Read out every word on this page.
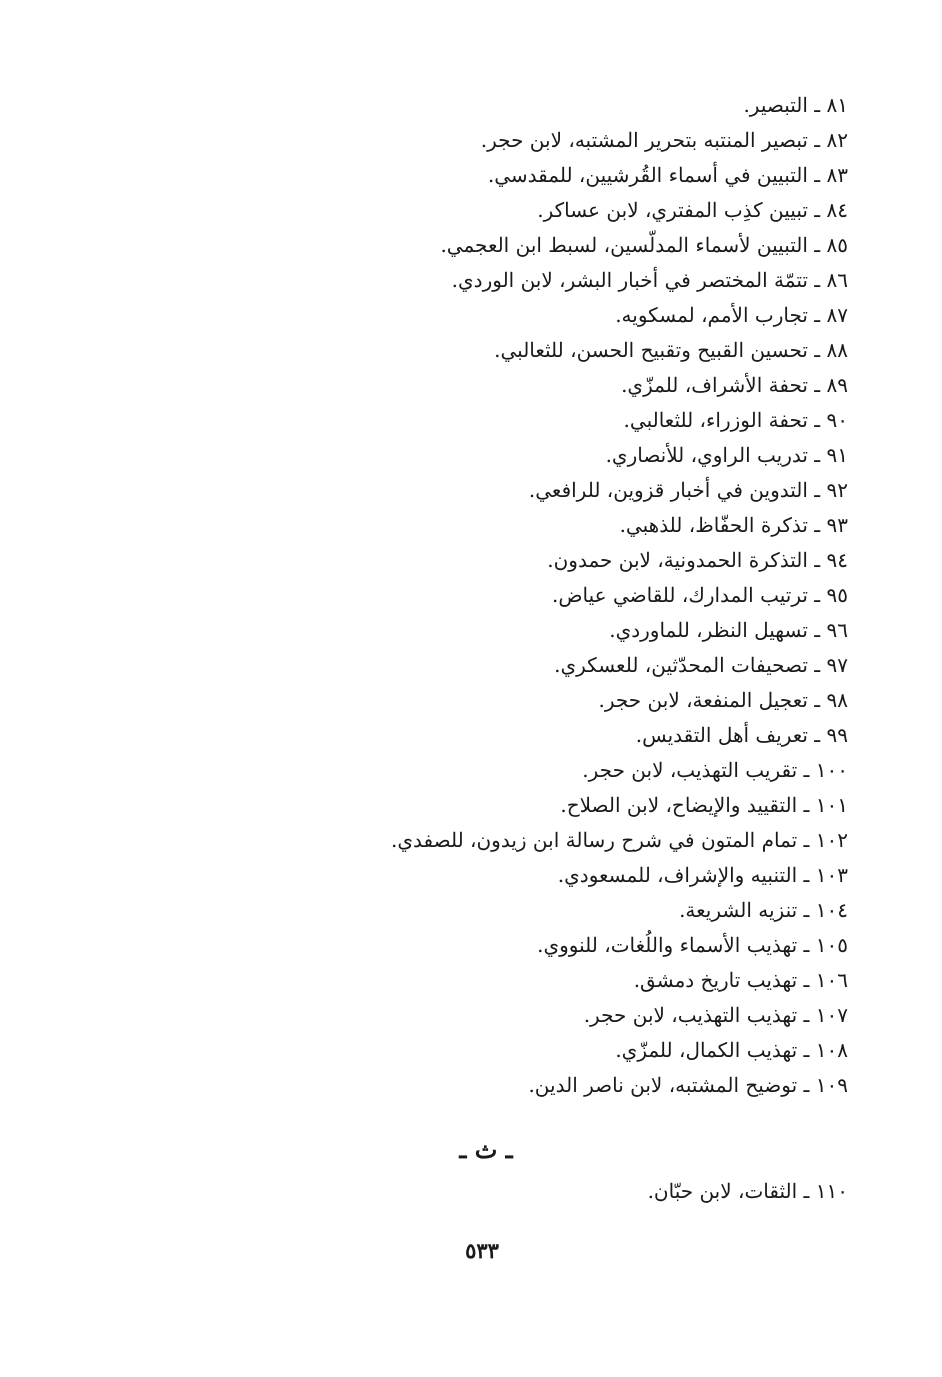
٨١ ـ التبصير.
٨٢ ـ تبصير المنتبه بتحرير المشتبه، لابن حجر.
٨٣ ـ التبيين في أسماء القُرشيين، للمقدسي.
٨٤ ـ تبيين كذِب المفتري، لابن عساكر.
٨٥ ـ التبيين لأسماء المدلّسين، لسبط ابن العجمي.
٨٦ ـ تتمّة المختصر في أخبار البشر، لابن الوردي.
٨٧ ـ تجارب الأمم، لمسكويه.
٨٨ ـ تحسين القبيح وتقبيح الحسن، للثعالبي.
٨٩ ـ تحفة الأشراف، للمزّي.
٩٠ ـ تحفة الوزراء، للثعالبي.
٩١ ـ تدريب الراوي، للأنصاري.
٩٢ ـ التدوين في أخبار قزوين، للرافعي.
٩٣ ـ تذكرة الحفّاظ، للذهبي.
٩٤ ـ التذكرة الحمدونية، لابن حمدون.
٩٥ ـ ترتيب المدارك، للقاضي عياض.
٩٦ ـ تسهيل النظر، للماوردي.
٩٧ ـ تصحيفات المحدّثين، للعسكري.
٩٨ ـ تعجيل المنفعة، لابن حجر.
٩٩ ـ تعريف أهل التقديس.
١٠٠ ـ تقريب التهذيب، لابن حجر.
١٠١ ـ التقييد والإيضاح، لابن الصلاح.
١٠٢ ـ تمام المتون في شرح رسالة ابن زيدون، للصفدي.
١٠٣ ـ التنبيه والإشراف، للمسعودي.
١٠٤ ـ تنزيه الشريعة.
١٠٥ ـ تهذيب الأسماء واللُغات، للنووي.
١٠٦ ـ تهذيب تاريخ دمشق.
١٠٧ ـ تهذيب التهذيب، لابن حجر.
١٠٨ ـ تهذيب الكمال، للمزّي.
١٠٩ ـ توضيح المشتبه، لابن ناصر الدين.
ـ ث ـ
١١٠ ـ الثقات، لابن حبّان.
٥٣٣
